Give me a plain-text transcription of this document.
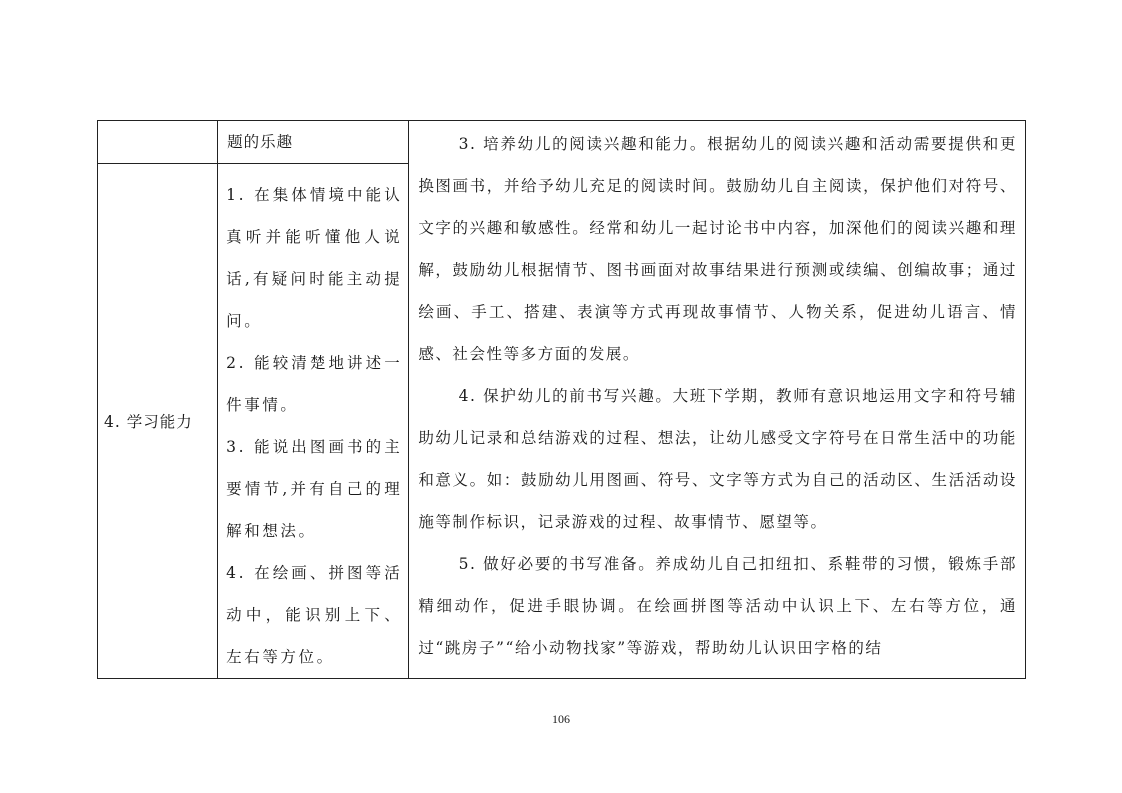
	题的乐趣	3. 培养幼儿的阅读兴趣和能力。根据幼儿的阅读兴趣和活动需要提供和更换图画书，并给予幼儿充足的阅读时间。鼓励幼儿自主阅读，保护他们对符号、文字的兴趣和敏感性。经常和幼儿一起讨论书中内容，加深他们的阅读兴趣和理解，鼓励幼儿根据情节、图书画面对故事结果进行预测或续编、创编故事；通过绘画、手工、搭建、表演等方式再现故事情节、人物关系，促进幼儿语言、情感、社会性等多方面的发展。

4. 保护幼儿的前书写兴趣。大班下学期，教师有意识地运用文字和符号辅助幼儿记录和总结游戏的过程、想法，让幼儿感受文字符号在日常生活中的功能和意义。如：鼓励幼儿用图画、符号、文字等方式为自己的活动区、生活活动设施等制作标识，记录游戏的过程、故事情节、愿望等。

5. 做好必要的书写准备。养成幼儿自己扣纽扣、系鞋带的习惯，锻炼手部精细动作，促进手眼协调。在绘画拼图等活动中认识上下、左右等方位，通过“跳房子”“给小动物找家”等游戏，帮助幼儿认识田字格的结

4. 学习能力	1. 在集体情境中能认真听并能听懂他人说话,有疑问时能主动提问。

2. 能较清楚地讲述一件事情。

3. 能说出图画书的主要情节,并有自己的理解和想法。

4. 在绘画、拼图等活动中，能识别上下、左右等方位。	

106
